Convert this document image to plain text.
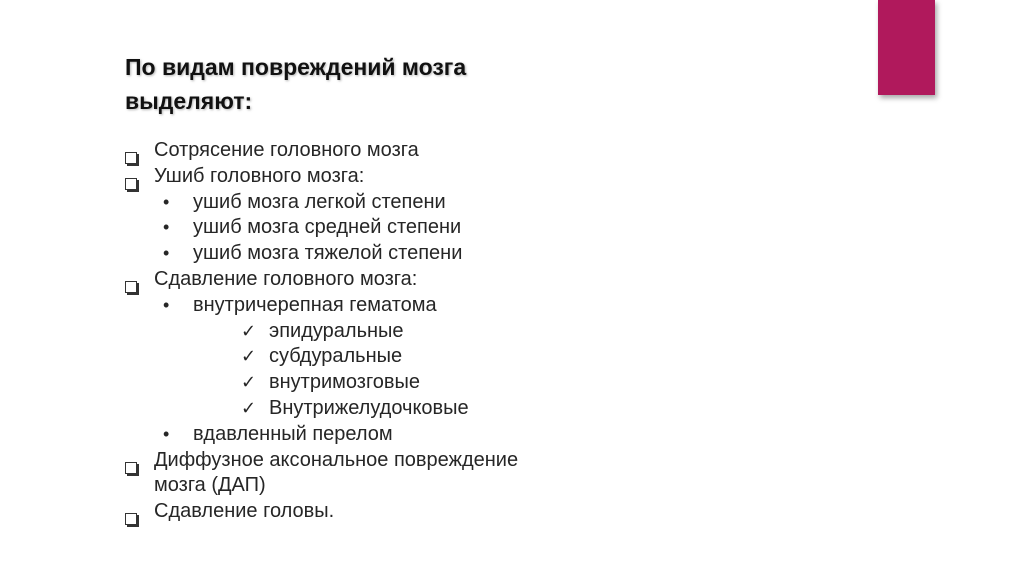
По видам повреждений мозга
выделяют:
Сотрясение головного мозга
Ушиб головного мозга:
• ушиб мозга легкой степени
• ушиб мозга средней степени
• ушиб мозга тяжелой степени
Сдавление головного мозга:
• внутричерепная гематома
✓ эпидуральные
✓ субдуральные
✓ внутримозговые
✓ Внутрижелудочковые
• вдавленный перелом
Диффузное аксональное повреждение
мозга (ДАП)
Сдавление головы.
